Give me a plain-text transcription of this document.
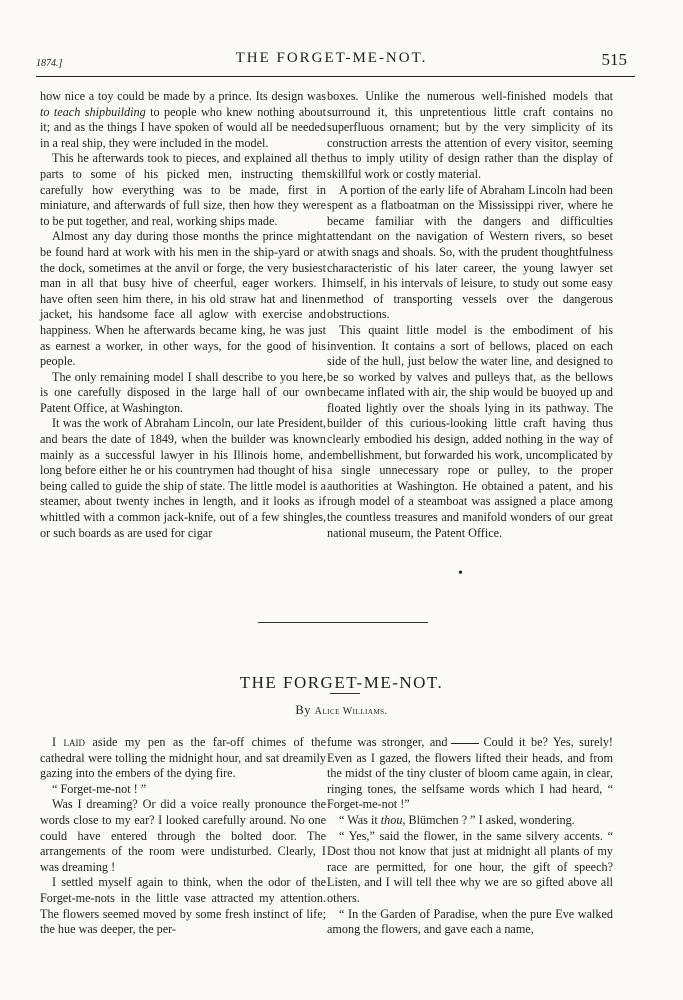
1874.]	THE FORGET-ME-NOT.	515

how nice a toy could be made by a prince. Its design was to teach shipbuilding to people who knew nothing about it; and as the things I have spoken of would all be needed in a real ship, they were included in the model.

This he afterwards took to pieces, and explained all the parts to some of his picked men, instructing them carefully how everything was to be made, first in miniature, and afterwards of full size, then how they were to be put together, and real, working ships made.

Almost any day during those months the prince might be found hard at work with his men in the ship-yard or at the dock, sometimes at the anvil or forge, the very busiest man in all that busy hive of cheerful, eager workers. I have often seen him there, in his old straw hat and linen jacket, his handsome face all aglow with exercise and happiness. When he afterwards became king, he was just as earnest a worker, in other ways, for the good of his people.

The only remaining model I shall describe to you here, is one carefully disposed in the large hall of our own Patent Office, at Washington.

It was the work of Abraham Lincoln, our late President, and bears the date of 1849, when the builder was known mainly as a successful lawyer in his Illinois home, and long before either he or his countrymen had thought of his being called to guide the ship of state. The little model is a steamer, about twenty inches in length, and it looks as if whittled with a common jack-knife, out of a few shingles, or such boards as are used for cigar

boxes. Unlike the numerous well-finished models that surround it, this unpretentious little craft contains no superfluous ornament; but by the very simplicity of its construction arrests the attention of every visitor, seeming thus to imply utility of design rather than the display of skillful work or costly material.

A portion of the early life of Abraham Lincoln had been spent as a flatboatman on the Mississippi river, where he became familiar with the dangers and difficulties attendant on the navigation of Western rivers, so beset with snags and shoals. So, with the prudent thoughtfulness characteristic of his later career, the young lawyer set himself, in his intervals of leisure, to study out some easy method of transporting vessels over the dangerous obstructions.

This quaint little model is the embodiment of his invention. It contains a sort of bellows, placed on each side of the hull, just below the water line, and designed to be so worked by valves and pulleys that, as the bellows became inflated with air, the ship would be buoyed up and floated lightly over the shoals lying in its pathway. The builder of this curious-looking little craft having thus clearly embodied his design, added nothing in the way of embellishment, but forwarded his work, uncomplicated by a single unnecessary rope or pulley, to the proper authorities at Washington. He obtained a patent, and his rough model of a steamboat was assigned a place among the countless treasures and manifold wonders of our great national museum, the Patent Office.

•
THE FORGET-ME-NOT.
By Alice Williams.

I laid aside my pen as the far-off chimes of the cathedral were tolling the midnight hour, and sat dreamily gazing into the embers of the dying fire.

“ Forget-me-not ! ”

Was I dreaming? Or did a voice really pronounce the words close to my ear? I looked carefully around. No one could have entered through the bolted door. The arrangements of the room were undisturbed. Clearly, I was dreaming !

I settled myself again to think, when the odor of the Forget-me-nots in the little vase attracted my attention. The flowers seemed moved by some fresh instinct of life; the hue was deeper, the per-

fume was stronger, and	Could it be? Yes, surely! Even as I gazed, the flowers lifted their heads, and from the midst of the tiny cluster of bloom came again, in clear, ringing tones, the selfsame words which I had heard, “ Forget-me-not !”

“ Was it thou, Blümchen ? ” I asked, wondering.

“ Yes,” said the flower, in the same silvery accents. “ Dost thou not know that just at midnight all plants of my race are permitted, for one hour, the gift of speech? Listen, and I will tell thee why we are so gifted above all others.

“ In the Garden of Paradise, when the pure Eve walked among the flowers, and gave each a name,
